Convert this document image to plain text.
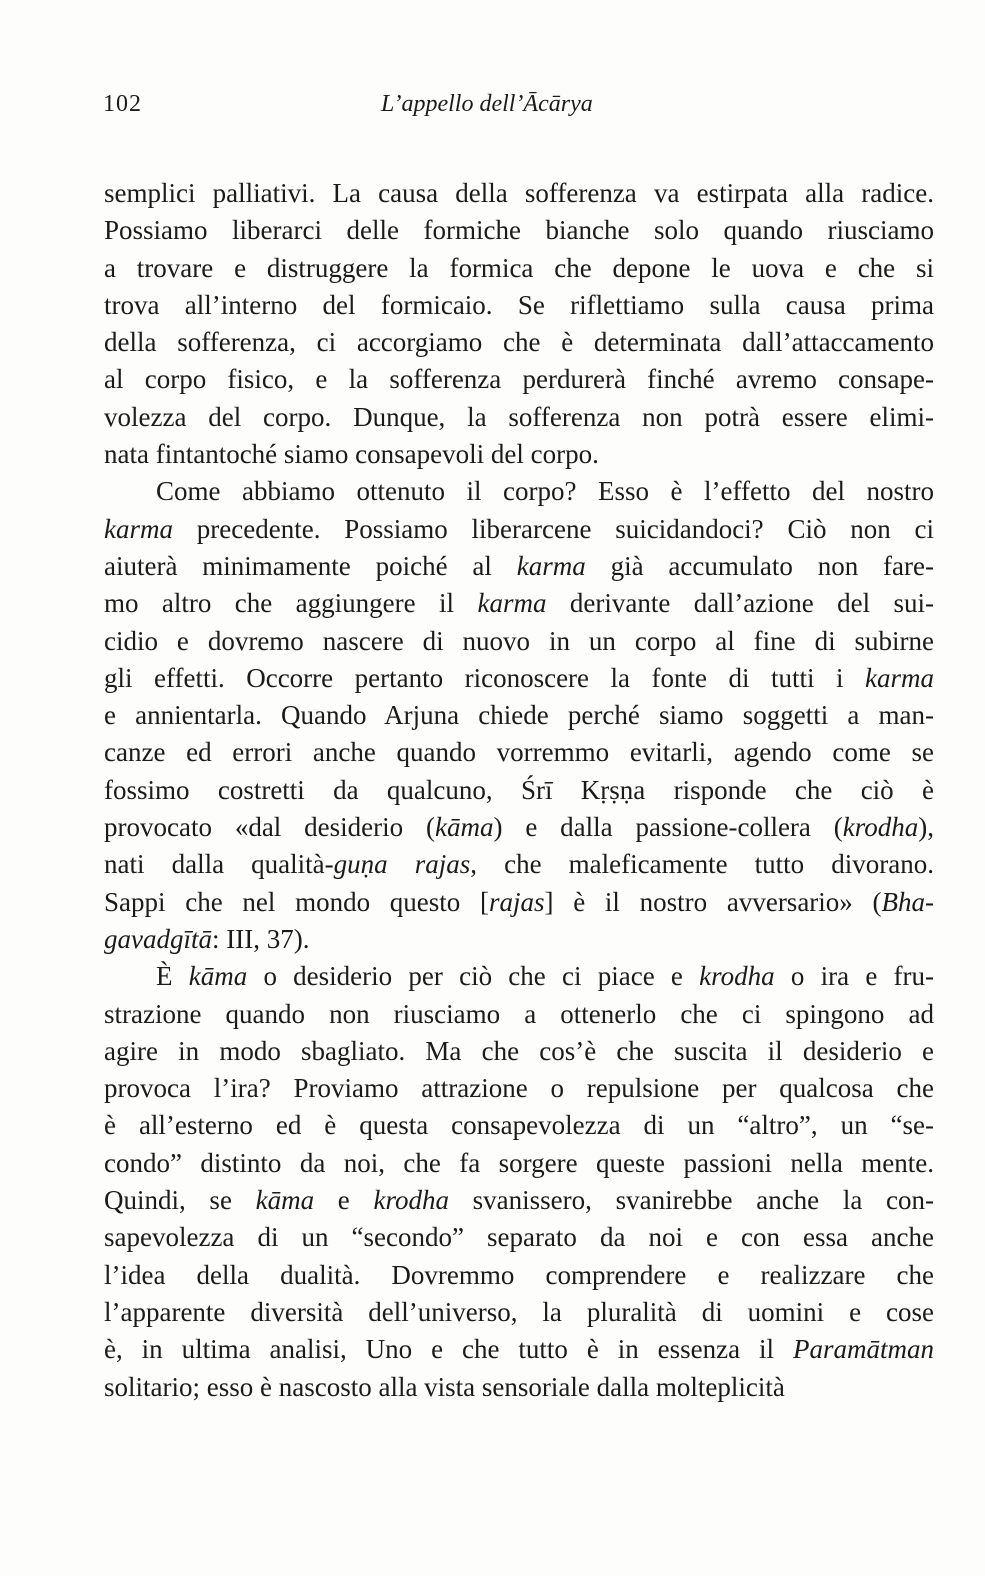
102	L’appello dell’Ācārya

semplici palliativi. La causa della sofferenza va estirpata alla radice.
Possiamo liberarci delle formiche bianche solo quando riusciamo
a trovare e distruggere la formica che depone le uova e che si
trova all’interno del formicaio. Se riflettiamo sulla causa prima
della sofferenza, ci accorgiamo che è determinata dall’attaccamento
al corpo fisico, e la sofferenza perdurerà finché avremo consape-
volezza del corpo. Dunque, la sofferenza non potrà essere elimi-
nata fintantoché siamo consapevoli del corpo.

Come abbiamo ottenuto il corpo? Esso è l’effetto del nostro
karma precedente. Possiamo liberarcene suicidandoci? Ciò non ci
aiuterà minimamente poiché al karma già accumulato non fare-
mo altro che aggiungere il karma derivante dall’azione del sui-
cidio e dovremo nascere di nuovo in un corpo al fine di subirne
gli effetti. Occorre pertanto riconoscere la fonte di tutti i karma
e annientarla. Quando Arjuna chiede perché siamo soggetti a man-
canze ed errori anche quando vorremmo evitarli, agendo come se
fossimo costretti da qualcuno, Śrī Kṛṣṇa risponde che ciò è
provocato «dal desiderio (kāma) e dalla passione-collera (krodha),
nati dalla qualità-guṇa rajas, che maleficamente tutto divorano.
Sappi che nel mondo questo [rajas] è il nostro avversario» (Bha-
gavadgītā: III, 37).

È kāma o desiderio per ciò che ci piace e krodha o ira e fru-
strazione quando non riusciamo a ottenerlo che ci spingono ad
agire in modo sbagliato. Ma che cos’è che suscita il desiderio e
provoca l’ira? Proviamo attrazione o repulsione per qualcosa che
è all’esterno ed è questa consapevolezza di un “altro”, un “se-
condo” distinto da noi, che fa sorgere queste passioni nella mente.
Quindi, se kāma e krodha svanissero, svanirebbe anche la con-
sapevolezza di un “secondo” separato da noi e con essa anche
l’idea della dualità. Dovremmo comprendere e realizzare che
l’apparente diversità dell’universo, la pluralità di uomini e cose
è, in ultima analisi, Uno e che tutto è in essenza il Paramātman
solitario; esso è nascosto alla vista sensoriale dalla molteplicità
